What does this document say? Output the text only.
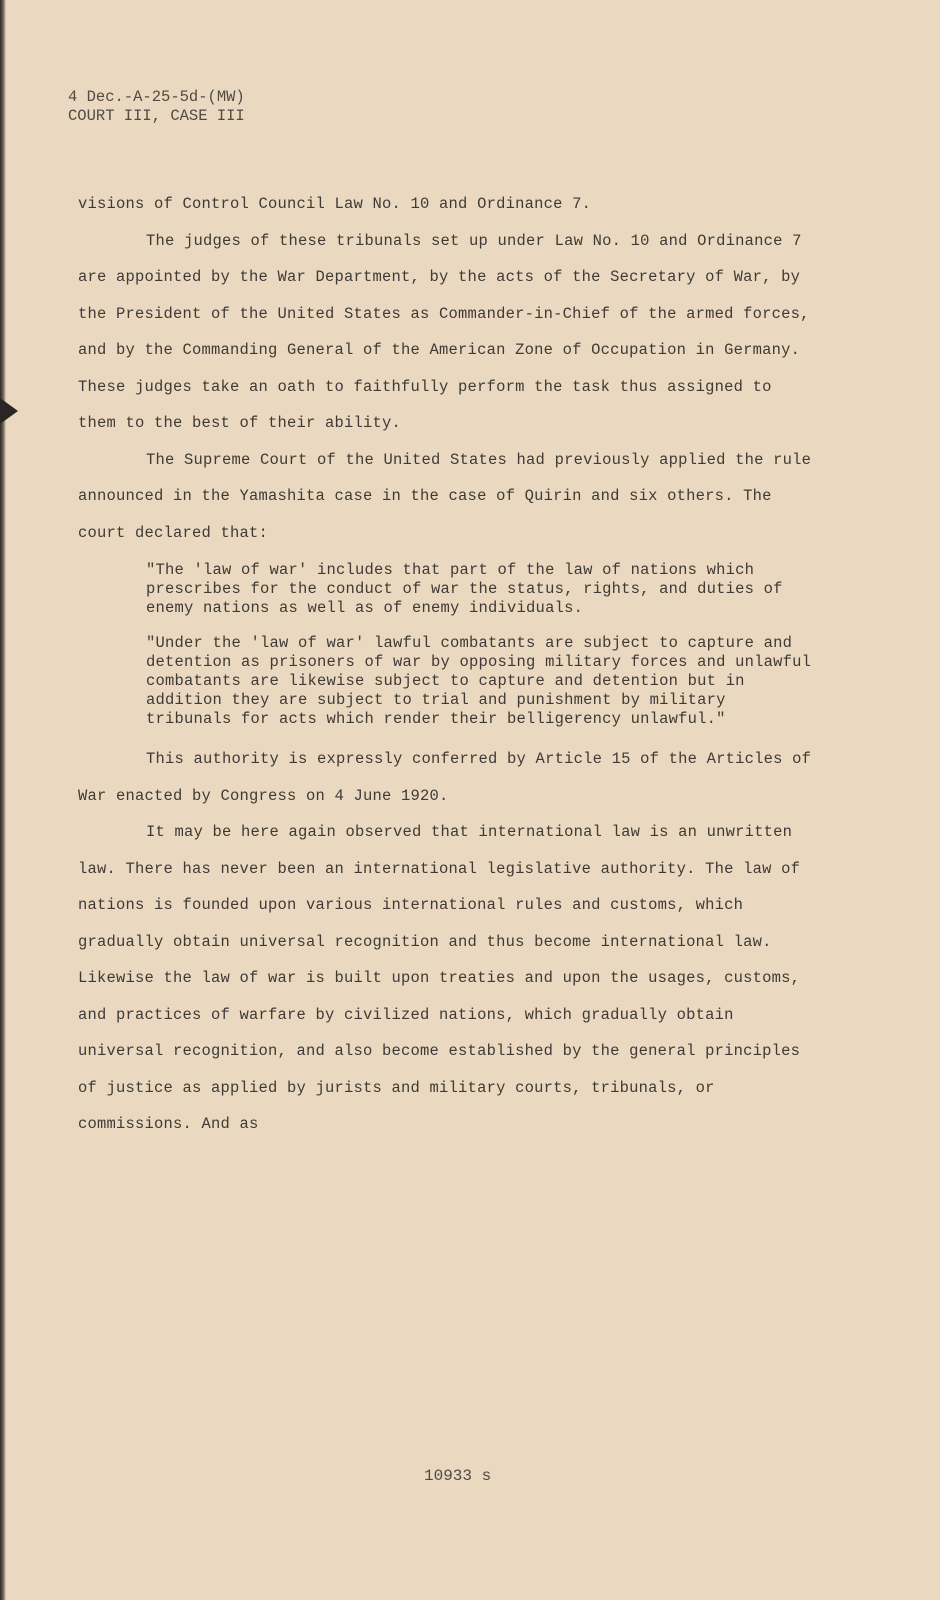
4 Dec.-A-25-5d-(MW)
COURT III, CASE III

visions of Control Council Law No. 10 and Ordinance 7.

The judges of these tribunals set up under Law No. 10 and Ordinance 7 are appointed by the War Department, by the acts of the Secretary of War, by the President of the United States as Commander-in-Chief of the armed forces, and by the Commanding General of the American Zone of Occupation in Germany. These judges take an oath to faithfully perform the task thus assigned to them to the best of their ability.

The Supreme Court of the United States had previously applied the rule announced in the Yamashita case in the case of Quirin and six others. The court declared that:

"The 'law of war' includes that part of the law of nations which prescribes for the conduct of war the status, rights, and duties of enemy nations as well as of enemy individuals.

"Under the 'law of war' lawful combatants are subject to capture and detention as prisoners of war by opposing military forces and unlawful combatants are likewise subject to capture and detention but in addition they are subject to trial and punishment by military tribunals for acts which render their belligerency unlawful."

This authority is expressly conferred by Article 15 of the Articles of War enacted by Congress on 4 June 1920.

It may be here again observed that international law is an unwritten law. There has never been an international legislative authority. The law of nations is founded upon various international rules and customs, which gradually obtain universal recognition and thus become international law. Likewise the law of war is built upon treaties and upon the usages, customs, and practices of warfare by civilized nations, which gradually obtain universal recognition, and also become established by the general principles of justice as applied by jurists and military courts, tribunals, or commissions. And as

10933 s
